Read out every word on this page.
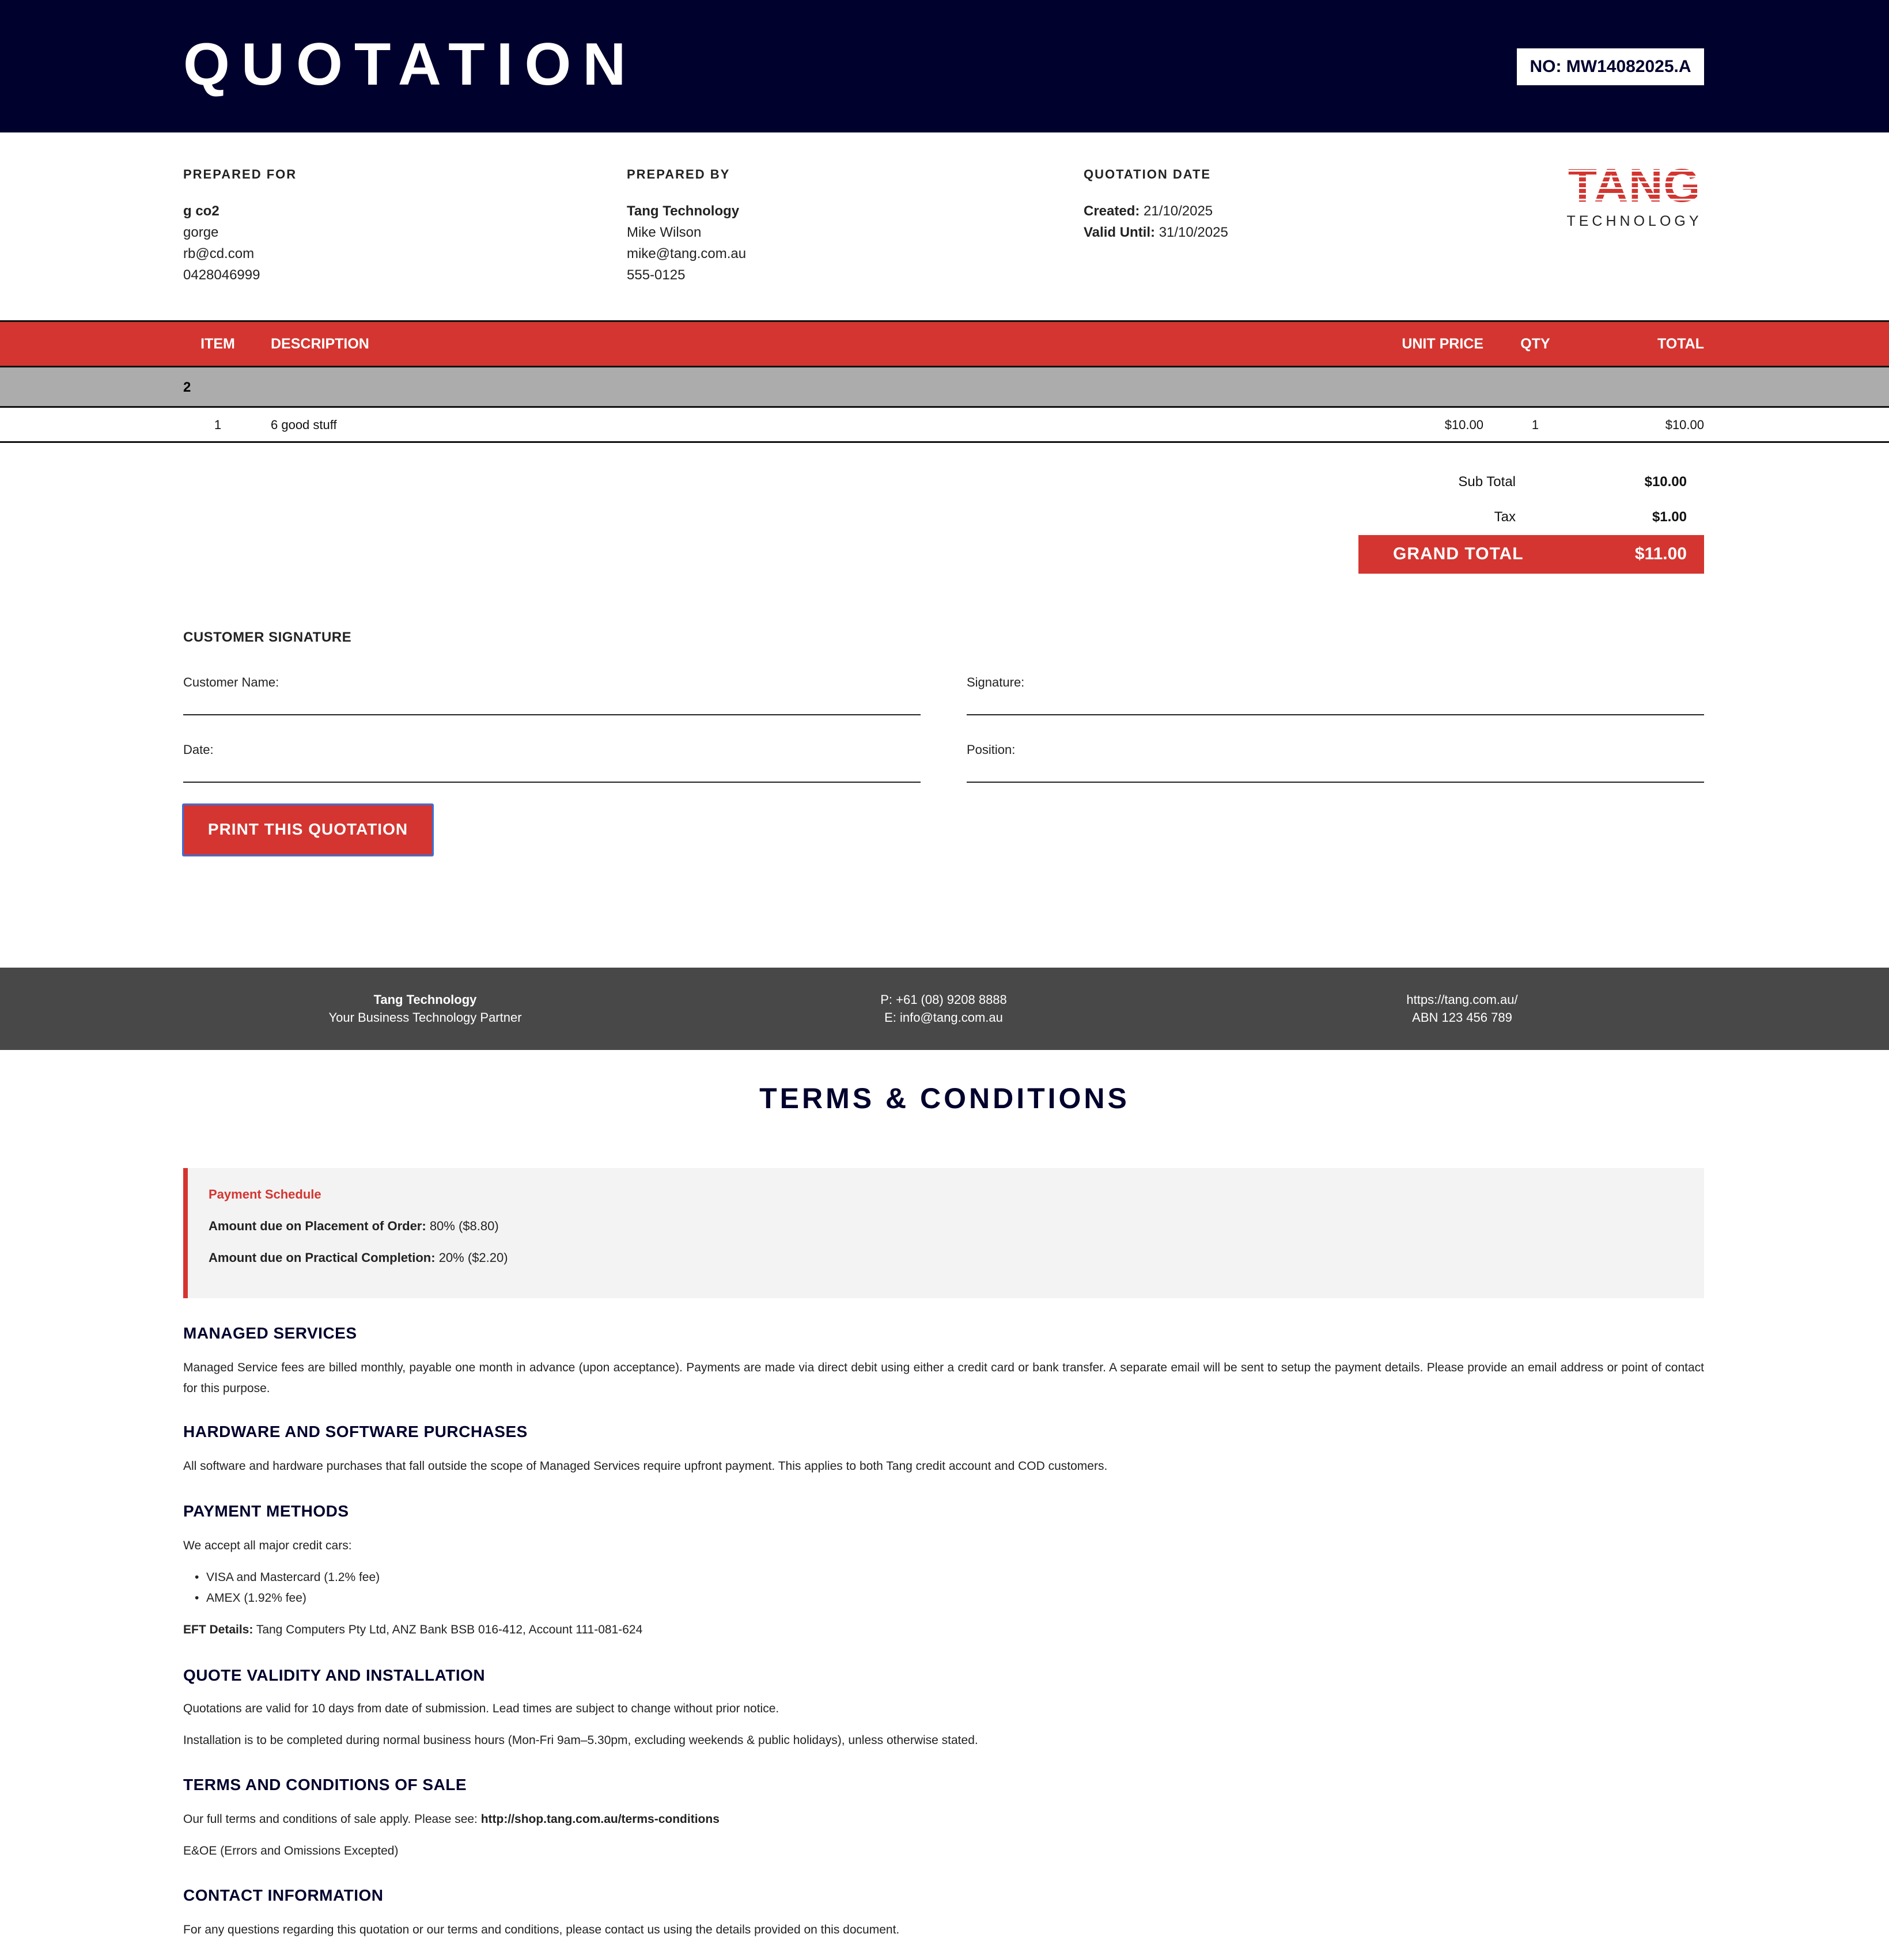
QUOTATION	NO: MW14082025.A
PREPARED FOR
g co2
gorge
rb@cd.com
0428046999
PREPARED BY
Tang Technology
Mike Wilson
mike@tang.com.au
555-0125
QUOTATION DATE
Created: 21/10/2025
Valid Until: 31/10/2025
TANG
TECHNOLOGY
ITEM	DESCRIPTION	UNIT PRICE	QTY	TOTAL
2
1	6 good stuff	$10.00	1	$10.00
Sub Total	$10.00
Tax	$1.00
GRAND TOTAL	$11.00
CUSTOMER SIGNATURE
Customer Name:	Signature:
Date:	Position:
PRINT THIS QUOTATION
Tang Technology
Your Business Technology Partner
P: +61 (08) 9208 8888
E: info@tang.com.au
https://tang.com.au/
ABN 123 456 789
TERMS & CONDITIONS
Payment Schedule
Amount due on Placement of Order: 80% ($8.80)
Amount due on Practical Completion: 20% ($2.20)
MANAGED SERVICES
Managed Service fees are billed monthly, payable one month in advance (upon acceptance). Payments are made via direct debit using either a credit card or bank transfer. A separate email will be sent to setup the payment details. Please provide an email address or point of contact for this purpose.
HARDWARE AND SOFTWARE PURCHASES
All software and hardware purchases that fall outside the scope of Managed Services require upfront payment. This applies to both Tang credit account and COD customers.
PAYMENT METHODS
We accept all major credit cars:
• VISA and Mastercard (1.2% fee)
• AMEX (1.92% fee)
EFT Details: Tang Computers Pty Ltd, ANZ Bank BSB 016-412, Account 111-081-624
QUOTE VALIDITY AND INSTALLATION
Quotations are valid for 10 days from date of submission. Lead times are subject to change without prior notice.
Installation is to be completed during normal business hours (Mon-Fri 9am–5.30pm, excluding weekends & public holidays), unless otherwise stated.
TERMS AND CONDITIONS OF SALE
Our full terms and conditions of sale apply. Please see: http://shop.tang.com.au/terms-conditions
E&OE (Errors and Omissions Excepted)
CONTACT INFORMATION
For any questions regarding this quotation or our terms and conditions, please contact us using the details provided on this document.
